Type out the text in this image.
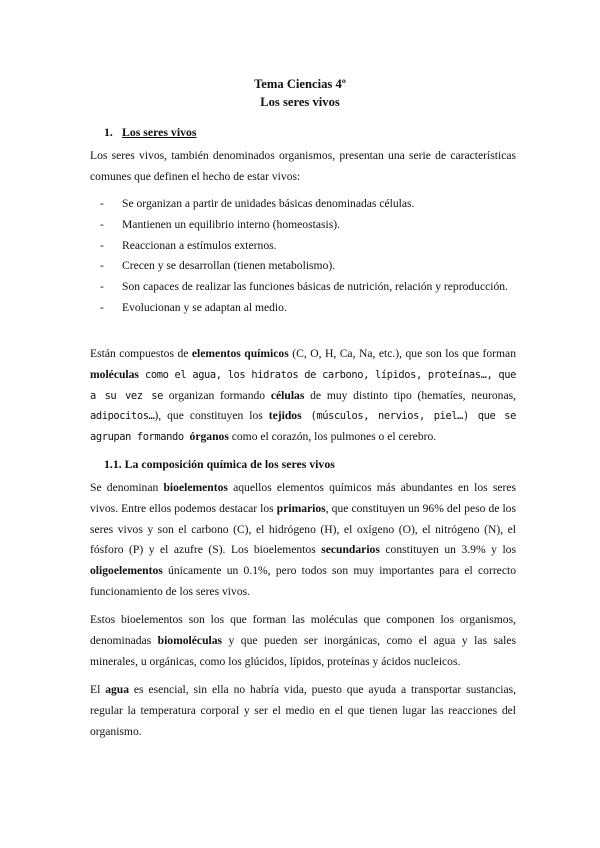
Tema Ciencias 4º
Los seres vivos
1. Los seres vivos
Los seres vivos, también denominados organismos, presentan una serie de características comunes que definen el hecho de estar vivos:
- Se organizan a partir de unidades básicas denominadas células.
- Mantienen un equilibrio interno (homeostasis).
- Reaccionan a estímulos externos.
- Crecen y se desarrollan (tienen metabolismo).
- Son capaces de realizar las funciones básicas de nutrición, relación y reproducción.
- Evolucionan y se adaptan al medio.
Están compuestos de elementos químicos (C, O, H, Ca, Na, etc.), que son los que forman moléculas como el agua, los hidratos de carbono, lípidos, proteínas…, que a su vez se organizan formando células de muy distinto tipo (hematíes, neuronas, adipocitos…), que constituyen los tejidos (músculos, nervios, piel…) que se agrupan formando órganos como el corazón, los pulmones o el cerebro.
1.1. La composición química de los seres vivos
Se denominan bioelementos aquellos elementos químicos más abundantes en los seres vivos. Entre ellos podemos destacar los primarios, que constituyen un 96% del peso de los seres vivos y son el carbono (C), el hidrógeno (H), el oxígeno (O), el nitrógeno (N), el fósforo (P) y el azufre (S). Los bioelementos secundarios constituyen un 3.9% y los oligoelementos únicamente un 0.1%, pero todos son muy importantes para el correcto funcionamiento de los seres vivos.
Estos bioelementos son los que forman las moléculas que componen los organismos, denominadas biomoléculas y que pueden ser inorgánicas, como el agua y las sales minerales, u orgánicas, como los glúcidos, lípidos, proteínas y ácidos nucleicos.
El agua es esencial, sin ella no habría vida, puesto que ayuda a transportar sustancias, regular la temperatura corporal y ser el medio en el que tienen lugar las reacciones del organismo.
